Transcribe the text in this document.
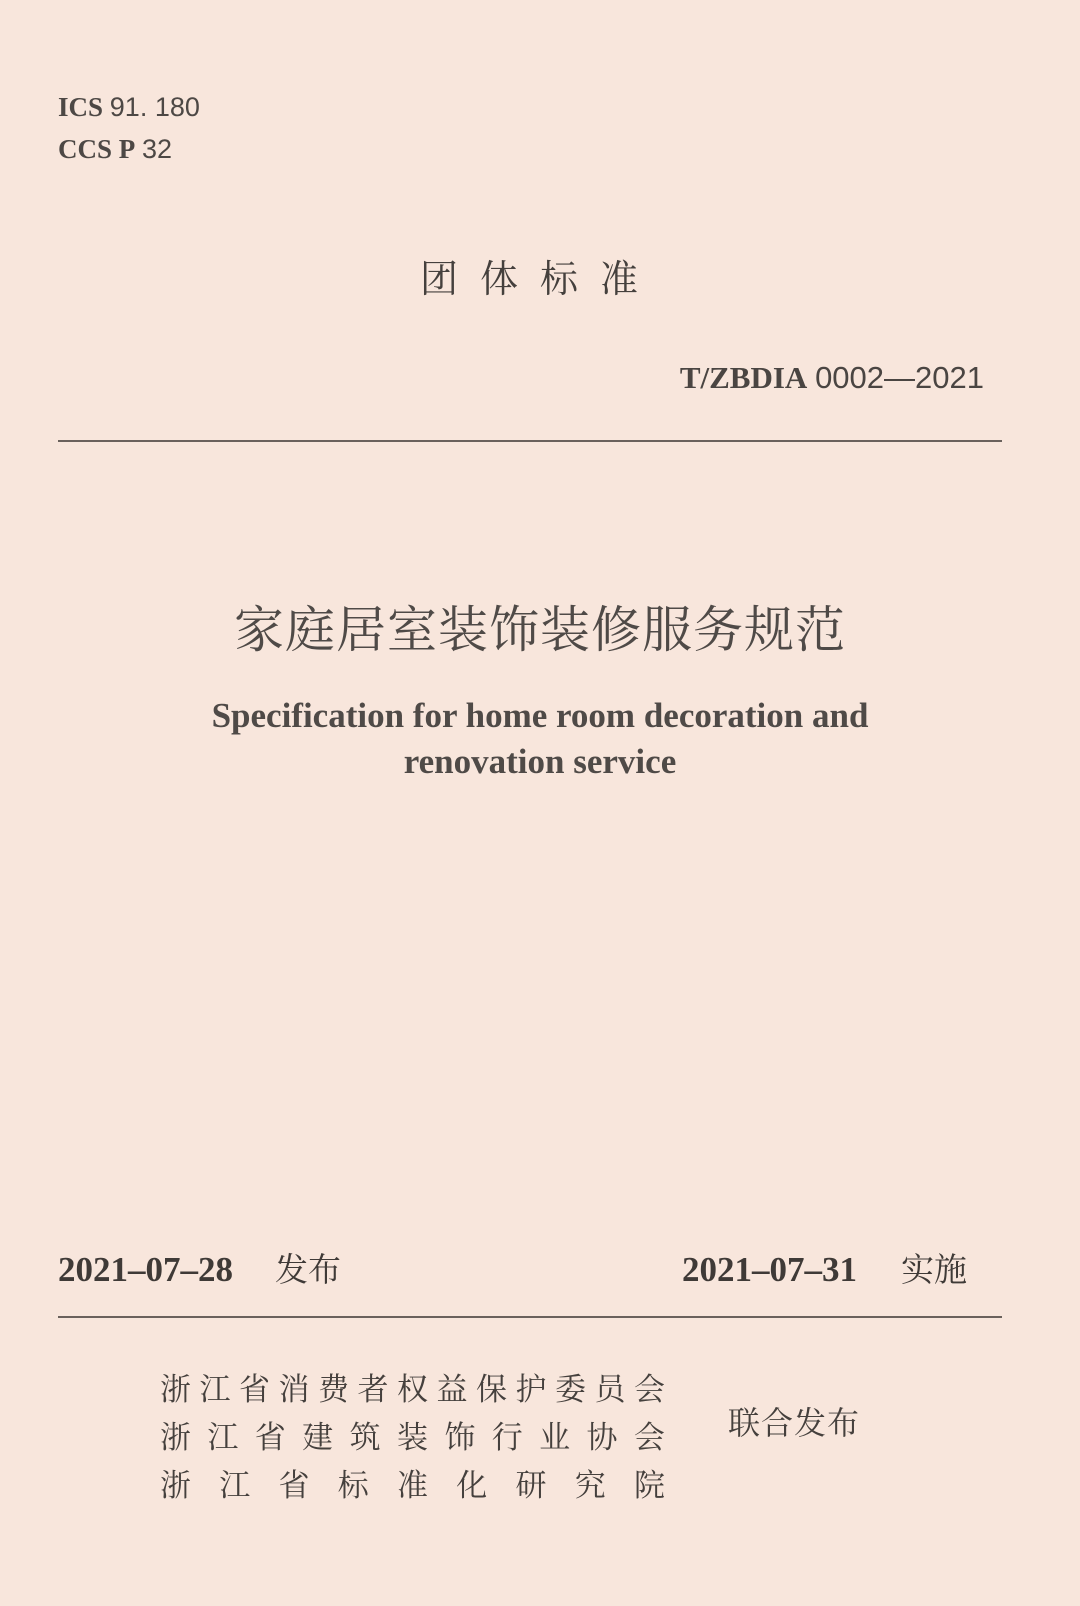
ICS 91. 180
CCS P 32
团体标准
T/ZBDIA 0002—2021
家庭居室装饰装修服务规范
Specification for home room decoration and
renovation service
2021–07–28 发布	2021–07–31 实施
浙 江 省 消 费 者 权 益 保 护 委 员 会
浙 江 省 建 筑 装 饰 行 业 协 会
浙 江 省 标 准 化 研 究 院
联合发布
